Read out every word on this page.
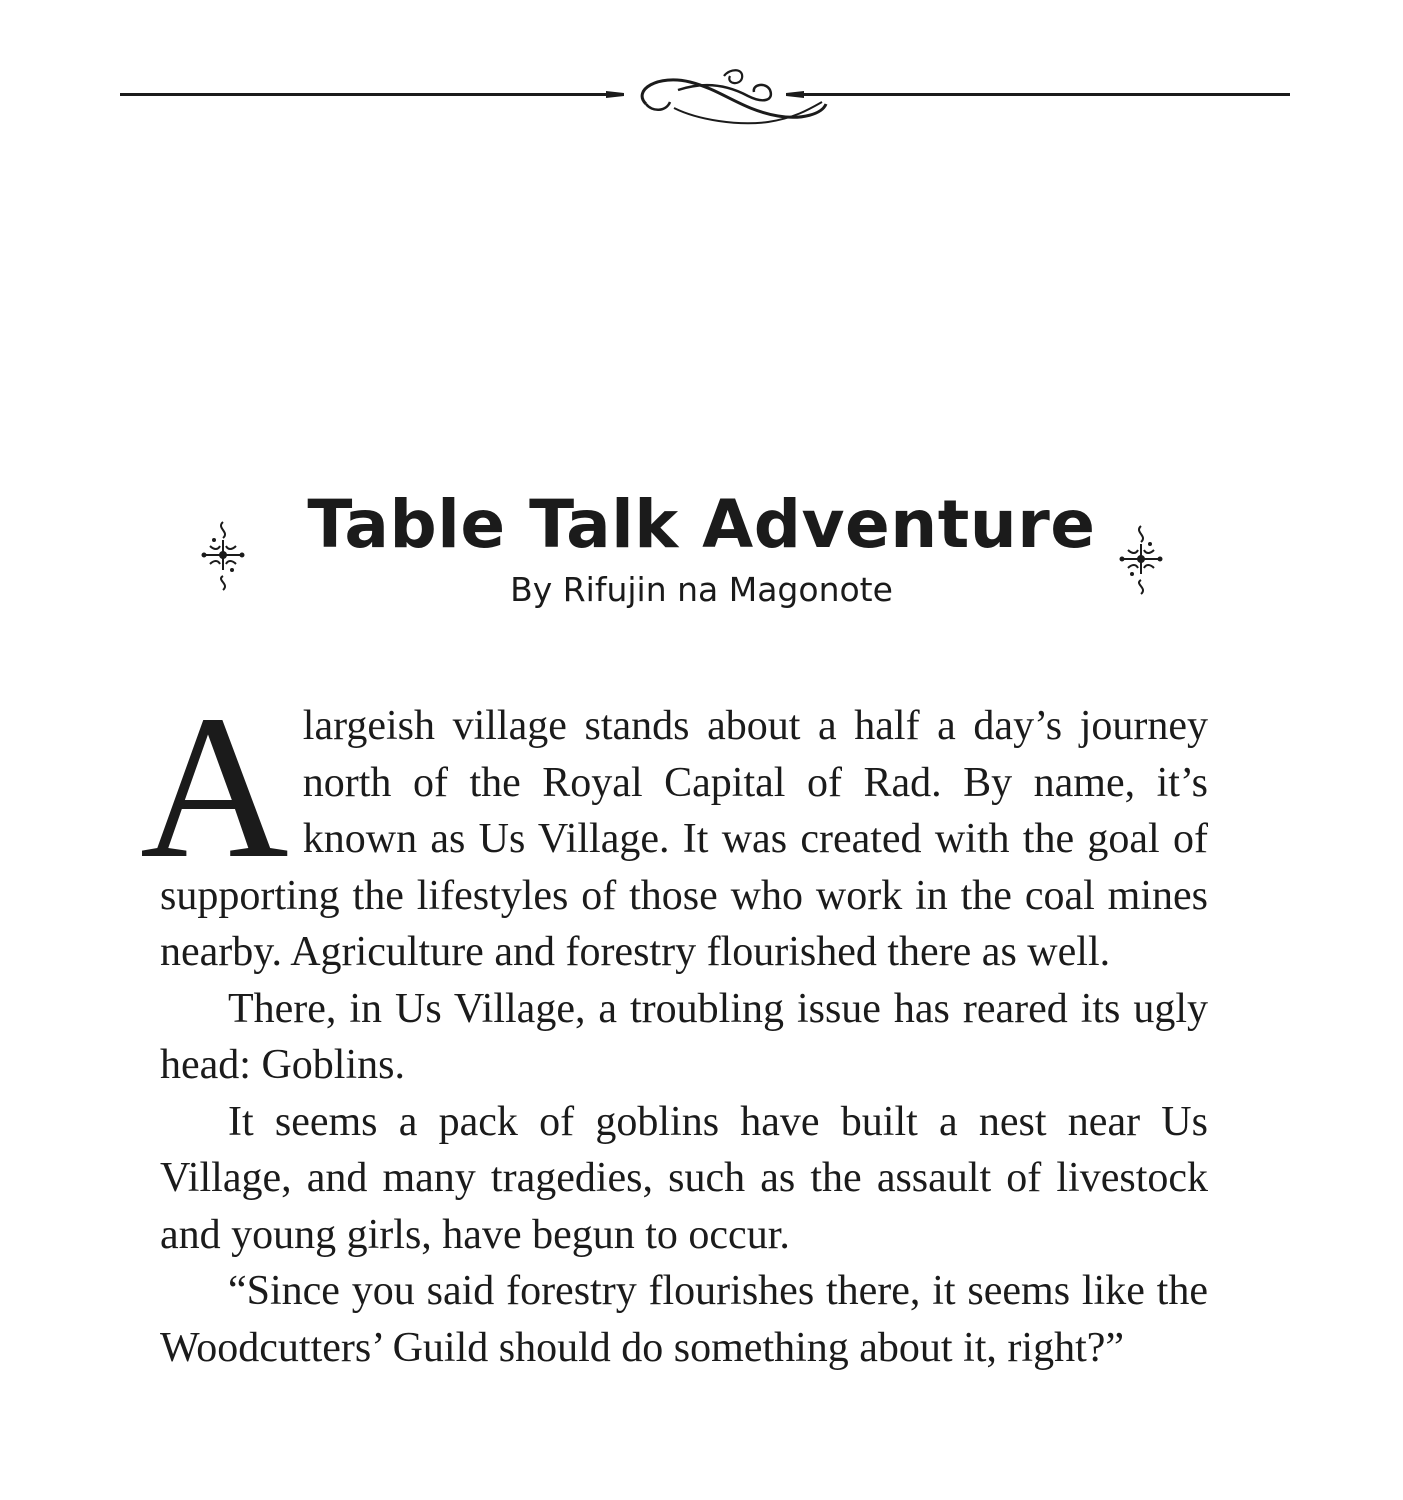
Table Talk Adventure

By Rifujin na Magonote

Alargeish village stands about a half a day’s journey north of the Royal Capital of Rad. By name, it’s known as Us Village. It was created with the goal of supporting the lifestyles of those who work in the coal mines nearby. Agriculture and forestry flourished there as well.

There, in Us Village, a troubling issue has reared its ugly head: Goblins.

It seems a pack of goblins have built a nest near Us Village, and many tragedies, such as the assault of livestock and young girls, have begun to occur.

“Since you said forestry flourishes there, it seems like the Woodcutters’ Guild should do something about it, right?”
